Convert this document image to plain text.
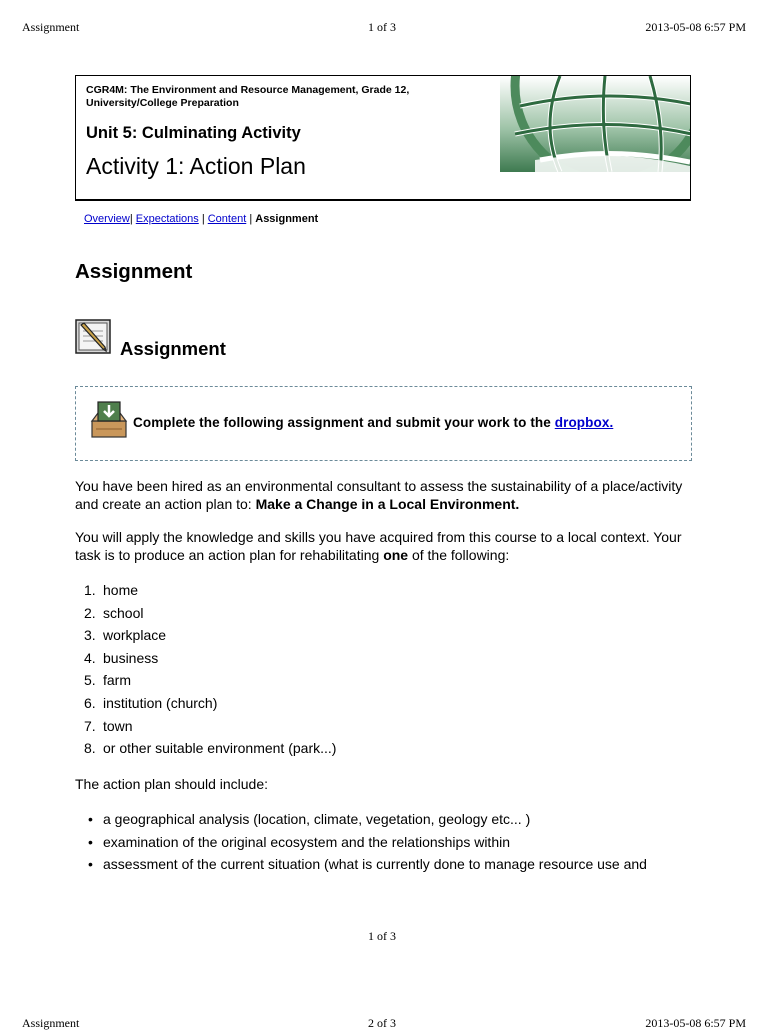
Assignment	1 of 3	2013-05-08 6:57 PM
CGR4M: The Environment and Resource Management, Grade 12, University/College Preparation
Unit 5: Culminating Activity
Activity 1: Action Plan
Overview| Expectations | Content | Assignment
Assignment
Assignment
Complete the following assignment and submit your work to the dropbox.
You have been hired as an environmental consultant to assess the sustainability of a place/activity and create an action plan to: Make a Change in a Local Environment.
You will apply the knowledge and skills you have acquired from this course to a local context. Your task is to produce an action plan for rehabilitating one of the following:
1. home
2. school
3. workplace
4. business
5. farm
6. institution (church)
7. town
8. or other suitable environment (park...)
The action plan should include:
• a geographical analysis (location, climate, vegetation, geology etc... )
• examination of the original ecosystem and the relationships within
• assessment of the current situation (what is currently done to manage resource use and
1 of 3
Assignment	2 of 3	2013-05-08 6:57 PM
